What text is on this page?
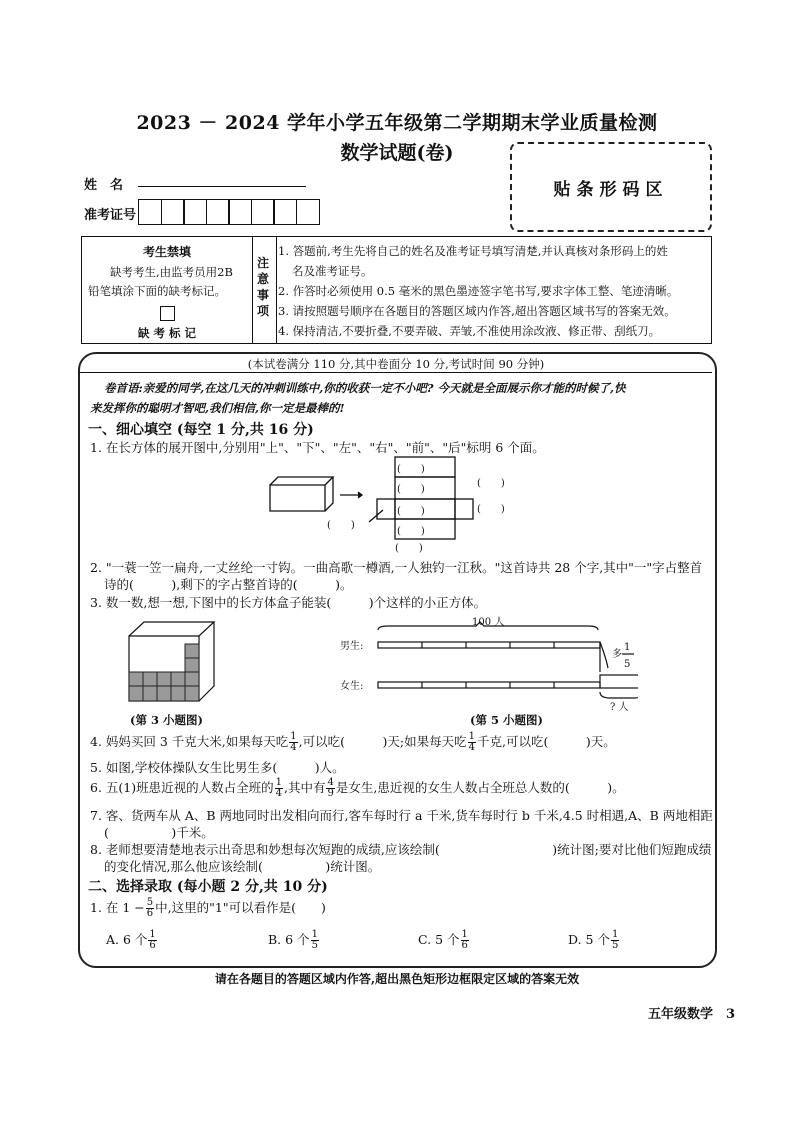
2023 － 2024 学年小学五年级第二学期期末学业质量检测
数学试题(卷)
贴条形码区
姓　名
准考证号
考生禁填
缺考考生,由监考员用2B
铅笔填涂下面的缺考标记。
缺 考 标 记
注意事项
1. 答题前,考生先将自己的姓名及准考证号填写清楚,并认真核对条形码上的姓
名及准考证号。
2. 作答时必须使用 0.5 毫米的黑色墨迹签字笔书写,要求字体工整、笔迹清晰。
3. 请按照题号顺序在各题目的答题区域内作答,超出答题区域书写的答案无效。
4. 保持清洁,不要折叠,不要弄破、弄皱,不准使用涂改液、修正带、刮纸刀。
(本试卷满分 110 分,其中卷面分 10 分,考试时间 90 分钟)
卷首语:亲爱的同学,在这几天的冲刺训练中,你的收获一定不小吧? 今天就是全面展示你才能的时候了,快
来发挥你的聪明才智吧,我们相信,你一定是最棒的!
一、细心填空 (每空 1 分,共 16 分)
1. 在长方体的展开图中,分别用"上"、"下"、"左"、"右"、"前"、"后"标明 6 个面。
(　　)
(　　)
(　　)
(　　)
(　　)
(　　)
(　　)
(　　)
2. "一蓑一笠一扁舟,一丈丝纶一寸钩。一曲高歌一樽酒,一人独钓一江秋。"这首诗共 28 个字,其中"一"字占整首
诗的(　　　),剩下的字占整首诗的(　　　)。
3. 数一数,想一想,下图中的长方体盒子能装(　　　)个这样的小正方体。
100 人
男生:
女生:
多
1
5
? 人
(第 3 小题图)	(第 5 小题图)
4. 妈妈买回 3 千克大米,如果每天吃 $\frac{1}{4}$ ,可以吃(　　　)天;如果每天吃 $\frac{1}{4}$ 千克,可以吃(　　　)天。
5. 如图,学校体操队女生比男生多(　　　)人。
6. 五(1)班患近视的人数占全班的 $\frac{1}{4}$ ,其中有 $\frac{4}{9}$ 是女生,患近视的女生人数占全班总人数的(　　　)。
7. 客、货两车从 A、B 两地同时出发相向而行,客车每时行 a 千米,货车每时行 b 千米,4.5 时相遇,A、B 两地相距
(　　　　　)千米。
8. 老师想要清楚地表示出奇思和妙想每次短跑的成绩,应该绘制(　　　　　　　　　)统计图;要对比他们短跑成绩
的变化情况,那么他应该绘制(　　　　　)统计图。
二、选择录取 (每小题 2 分,共 10 分)
1. 在 $1 - \frac{5}{6}$ 中,这里的"1"可以看作是(　　)
A. 6 个 $\frac{1}{6}$	B. 6 个 $\frac{1}{5}$	C. 5 个 $\frac{1}{6}$	D. 5 个 $\frac{1}{5}$
请在各题目的答题区域内作答,超出黑色矩形边框限定区域的答案无效
五年级数学　3
